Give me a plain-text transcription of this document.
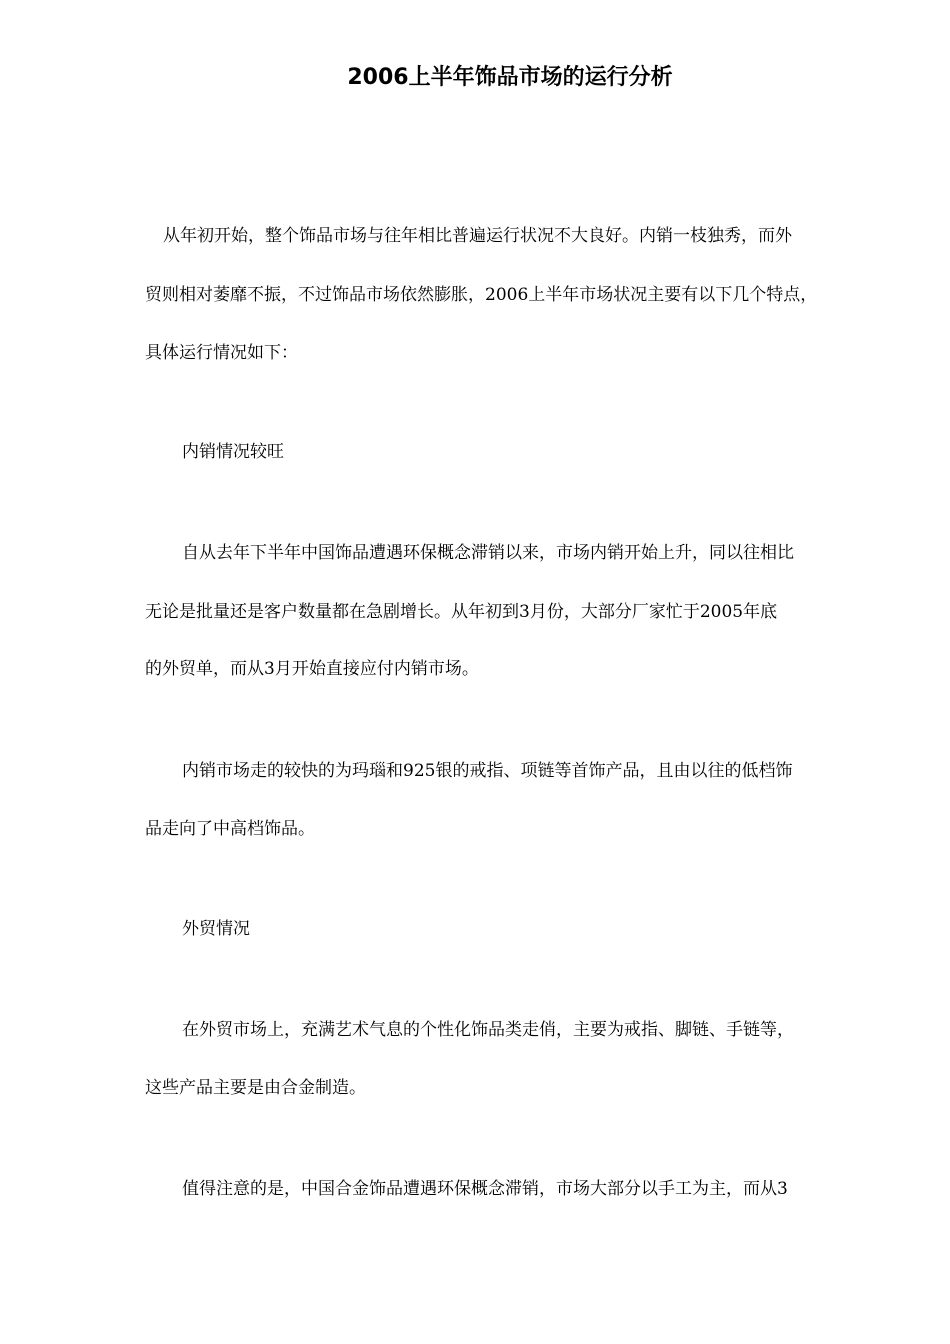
2006上半年饰品市场的运行分析
从年初开始，整个饰品市场与往年相比普遍运行状况不大良好。内销一枝独秀，而外
贸则相对萎靡不振，不过饰品市场依然膨胀，2006上半年市场状况主要有以下几个特点，
具体运行情况如下：
内销情况较旺
自从去年下半年中国饰品遭遇环保概念滞销以来，市场内销开始上升，同以往相比
无论是批量还是客户数量都在急剧增长。从年初到3月份，大部分厂家忙于2005年底
的外贸单，而从3月开始直接应付内销市场。
内销市场走的较快的为玛瑙和925银的戒指、项链等首饰产品，且由以往的低档饰
品走向了中高档饰品。
外贸情况
在外贸市场上，充满艺术气息的个性化饰品类走俏，主要为戒指、脚链、手链等，
这些产品主要是由合金制造。
值得注意的是，中国合金饰品遭遇环保概念滞销，市场大部分以手工为主，而从3
